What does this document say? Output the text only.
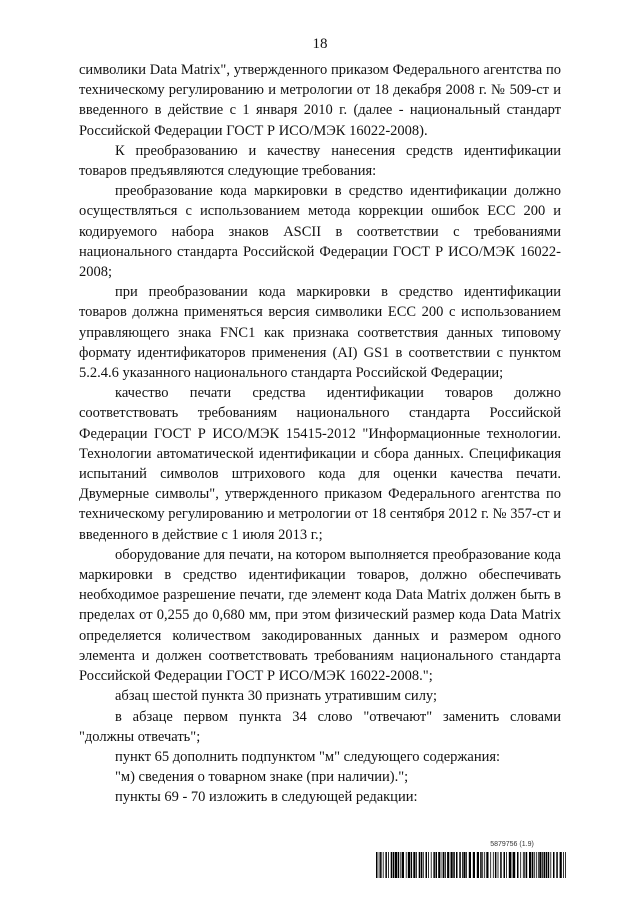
18

символики Data Matrix", утвержденного приказом Федерального агентства по техническому регулированию и метрологии от 18 декабря 2008 г. № 509-ст и введенного в действие с 1 января 2010 г. (далее - национальный стандарт Российской Федерации ГОСТ Р ИСО/МЭК 16022-2008).

К преобразованию и качеству нанесения средств идентификации товаров предъявляются следующие требования:

преобразование кода маркировки в средство идентификации должно осуществляться с использованием метода коррекции ошибок ЕСС 200 и кодируемого набора знаков ASCII в соответствии с требованиями национального стандарта Российской Федерации ГОСТ Р ИСО/МЭК 16022-2008;

при преобразовании кода маркировки в средство идентификации товаров должна применяться версия символики ЕСС 200 с использованием управляющего знака FNC1 как признака соответствия данных типовому формату идентификаторов применения (AI) GS1 в соответствии с пунктом 5.2.4.6 указанного национального стандарта Российской Федерации;

качество печати средства идентификации товаров должно соответствовать требованиям национального стандарта Российской Федерации ГОСТ Р ИСО/МЭК 15415-2012 "Информационные технологии. Технологии автоматической идентификации и сбора данных. Спецификация испытаний символов штрихового кода для оценки качества печати. Двумерные символы", утвержденного приказом Федерального агентства по техническому регулированию и метрологии от 18 сентября 2012 г. № 357-ст и введенного в действие с 1 июля 2013 г.;

оборудование для печати, на котором выполняется преобразование кода маркировки в средство идентификации товаров, должно обеспечивать необходимое разрешение печати, где элемент кода Data Matrix должен быть в пределах от 0,255 до 0,680 мм, при этом физический размер кода Data Matrix определяется количеством закодированных данных и размером одного элемента и должен соответствовать требованиям национального стандарта Российской Федерации ГОСТ Р ИСО/МЭК 16022-2008.";

абзац шестой пункта 30 признать утратившим силу;

в абзаце первом пункта 34 слово "отвечают" заменить словами "должны отвечать";

пункт 65 дополнить подпунктом "м" следующего содержания:

"м) сведения о товарном знаке (при наличии).";

пункты 69 - 70 изложить в следующей редакции:

5879756 (1.9)
